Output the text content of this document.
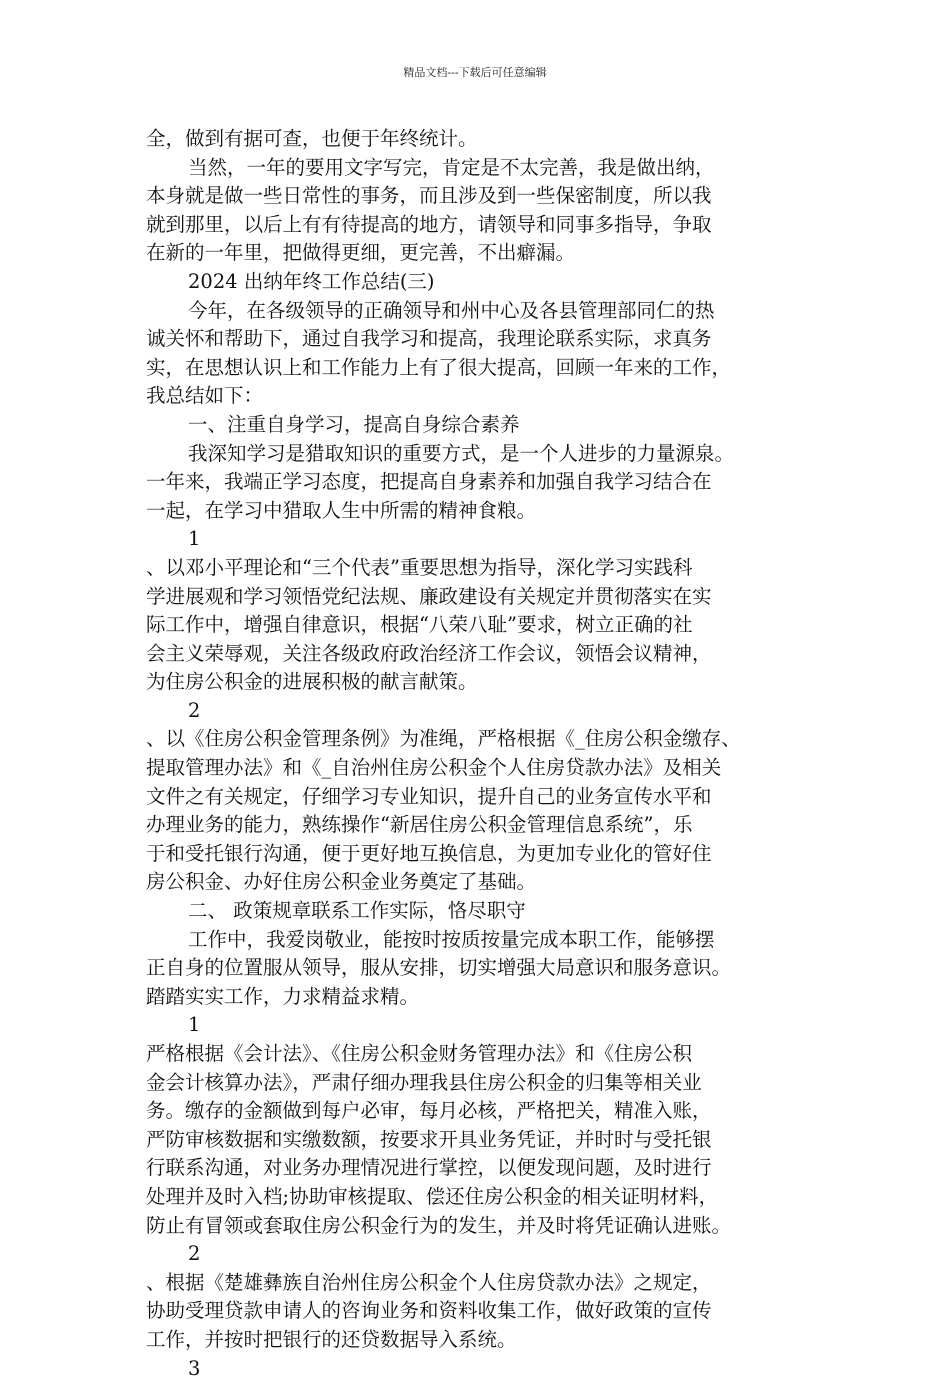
精品文档---下载后可任意编辑
全，做到有据可查，也便于年终统计。
当然，一年的要用文字写完，肯定是不太完善，我是做出纳，
本身就是做一些日常性的事务，而且涉及到一些保密制度，所以我
就到那里，以后上有有待提高的地方，请领导和同事多指导，争取
在新的一年里，把做得更细，更完善，不出癖漏。
2024 出纳年终工作总结(三)
今年，在各级领导的正确领导和州中心及各县管理部同仁的热
诚关怀和帮助下，通过自我学习和提高，我理论联系实际，求真务
实，在思想认识上和工作能力上有了很大提高，回顾一年来的工作，
我总结如下：
一、注重自身学习，提高自身综合素养
我深知学习是猎取知识的重要方式，是一个人进步的力量源泉。
一年来，我端正学习态度，把提高自身素养和加强自我学习结合在
一起，在学习中猎取人生中所需的精神食粮。
1
、以邓小平理论和“三个代表”重要思想为指导，深化学习实践科
学进展观和学习领悟党纪法规、廉政建设有关规定并贯彻落实在实
际工作中，增强自律意识，根据“八荣八耻”要求，树立正确的社
会主义荣辱观，关注各级政府政治经济工作会议，领悟会议精神，
为住房公积金的进展积极的献言献策。
2
、以《住房公积金管理条例》为准绳，严格根据《_住房公积金缴存、
提取管理办法》和《_自治州住房公积金个人住房贷款办法》及相关
文件之有关规定，仔细学习专业知识，提升自己的业务宣传水平和
办理业务的能力，熟练操作“新居住房公积金管理信息系统”，乐
于和受托银行沟通，便于更好地互换信息，为更加专业化的管好住
房公积金、办好住房公积金业务奠定了基础。
二、 政策规章联系工作实际，恪尽职守
工作中，我爱岗敬业，能按时按质按量完成本职工作，能够摆
正自身的位置服从领导，服从安排，切实增强大局意识和服务意识。
踏踏实实工作，力求精益求精。
1
严格根据《会计法》、《住房公积金财务管理办法》和《住房公积
金会计核算办法》，严肃仔细办理我县住房公积金的归集等相关业
务。缴存的金额做到每户必审，每月必核，严格把关，精准入账，
严防审核数据和实缴数额，按要求开具业务凭证，并时时与受托银
行联系沟通，对业务办理情况进行掌控，以便发现问题，及时进行
处理并及时入档;协助审核提取、偿还住房公积金的相关证明材料，
防止有冒领或套取住房公积金行为的发生，并及时将凭证确认进账。
2
、根据《楚雄彝族自治州住房公积金个人住房贷款办法》之规定，
协助受理贷款申请人的咨询业务和资料收集工作，做好政策的宣传
工作，并按时把银行的还贷数据导入系统。
3
